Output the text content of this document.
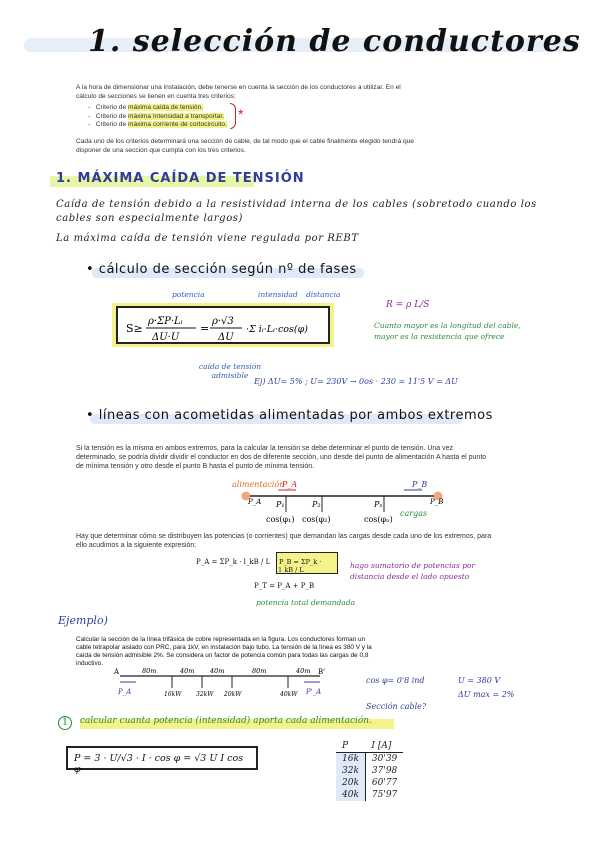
1. selección de conductores
A la hora de dimensionar una instalación, debe tenerse en cuenta la sección de los conductores a utilizar. En el cálculo de secciones se tienen en cuenta tres criterios:
-   Criterio de máxima caída de tensión.
-   Criterio de máxima Intensidad a transportar.
-   Criterio de máxima corriente de cortocircuito.
*
Cada uno de los criterios determinará una sección de cable, de tal modo que el cable finalmente elegido tendrá que disponer de una sección que cumpla con los tres criterios.
1. MÁXIMA CAÍDA DE TENSIÓN
Caída de tensión debido a la resistividad interna de los cables (sobretodo cuando los cables son especialmente largos)
La máxima caída de tensión viene regulada por REBT
• cálculo de sección según nº de fases
potencia	intensidad distancia
S≥
ρ·ΣP·Lᵢ
ΔU·U
=
ρ·√3
ΔU
·Σ iᵢ·Lᵢ·cos(φ)
caída de tensión admisible
R = ρ L/S
Cuanto mayor es la longitud del cable, mayor es la resistencia que ofrece
Ej) ΔU= 5% ; U= 230V → 0os · 230 = 11'5 V = ΔU
• líneas con acometidas alimentadas por ambos extremos
Si la tensión es la misma en ambos extremos, para la calcular la tensión se debe determinar el punto de tensión. Una vez determinado, se podría dividir dividir el conductor en dos de diferente sección, uno desde del punto de alimentación A hasta el punto de mínima tensión y otro desde el punto B hasta el punto de mínima tensión.
alimentación
P_A	P_B
P_A	P_B
P₁	P₂	Pₙ
cos(φ₁) cos(φ₂)	cos(φₙ)
cargas
Hay que determinar cómo se distribuyen las potencias (o corrientes) que demandan las cargas desde cada uno de los extremos, para ello acudimos a la siguiente expresión:
P_A = ΣP_k · l_kB / L	P_B = ΣP_k · l_kB / L
P_T = P_A + P_B
hago sumatorio de potencias por distancia desde el lado opuesto
potencia total demandada
Ejemplo)
Calcular la sección de la línea trifásica de cobre representada en la figura. Los conductores forman un cable tetrapolar aislado con PRC, para 1kV, en instalación bajo tubo. La tensión de la línea es 380 V y la caída de tensión admisible 2%. Se considera un factor de potencia común para todas las cargas de 0,8 inductivo.
A	B'
80m	40m 40m	80m	40m
16kW 32kW 20kW	40kW
P_A	P'_A
cos φ= 0'8 ind	U = 380 V
ΔU max = 2%
Sección cable?
1	calcular cuanta potencia (intensidad) aporta cada alimentación.
P = 3 · U/√3 · I · cos φ = √3 U I cos φ
P	I [A]
16k	30'39
32k	37'98
20k	60'77
40k	75'97
